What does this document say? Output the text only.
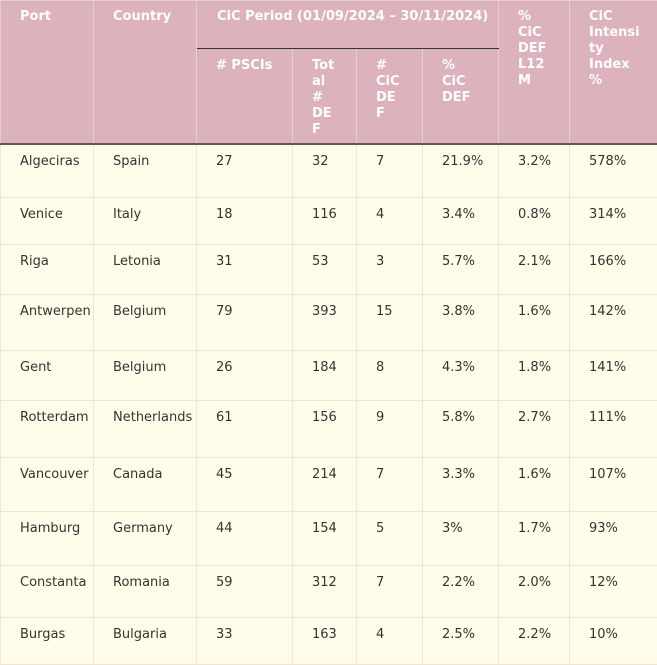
Port	Country	CiC Period (01/09/2024 – 30/11/2024)				% CiC DEF L12 M	CiC Intensi ty Index %

		# PSCIs	Tot al # DE F	# CiC DE F	% CiC DEF		

Algeciras	Spain	27	32	7	21.9%	3.2%	578%

Venice	Italy	18	116	4	3.4%	0.8%	314%

Riga	Letonia	31	53	3	5.7%	2.1%	166%

Antwerpen	Belgium	79	393	15	3.8%	1.6%	142%

Gent	Belgium	26	184	8	4.3%	1.8%	141%

Rotterdam	Netherlands	61	156	9	5.8%	2.7%	111%

Vancouver	Canada	45	214	7	3.3%	1.6%	107%

Hamburg	Germany	44	154	5	3%	1.7%	93%

Constanta	Romania	59	312	7	2.2%	2.0%	12%

Burgas	Bulgaria	33	163	4	2.5%	2.2%	10%
